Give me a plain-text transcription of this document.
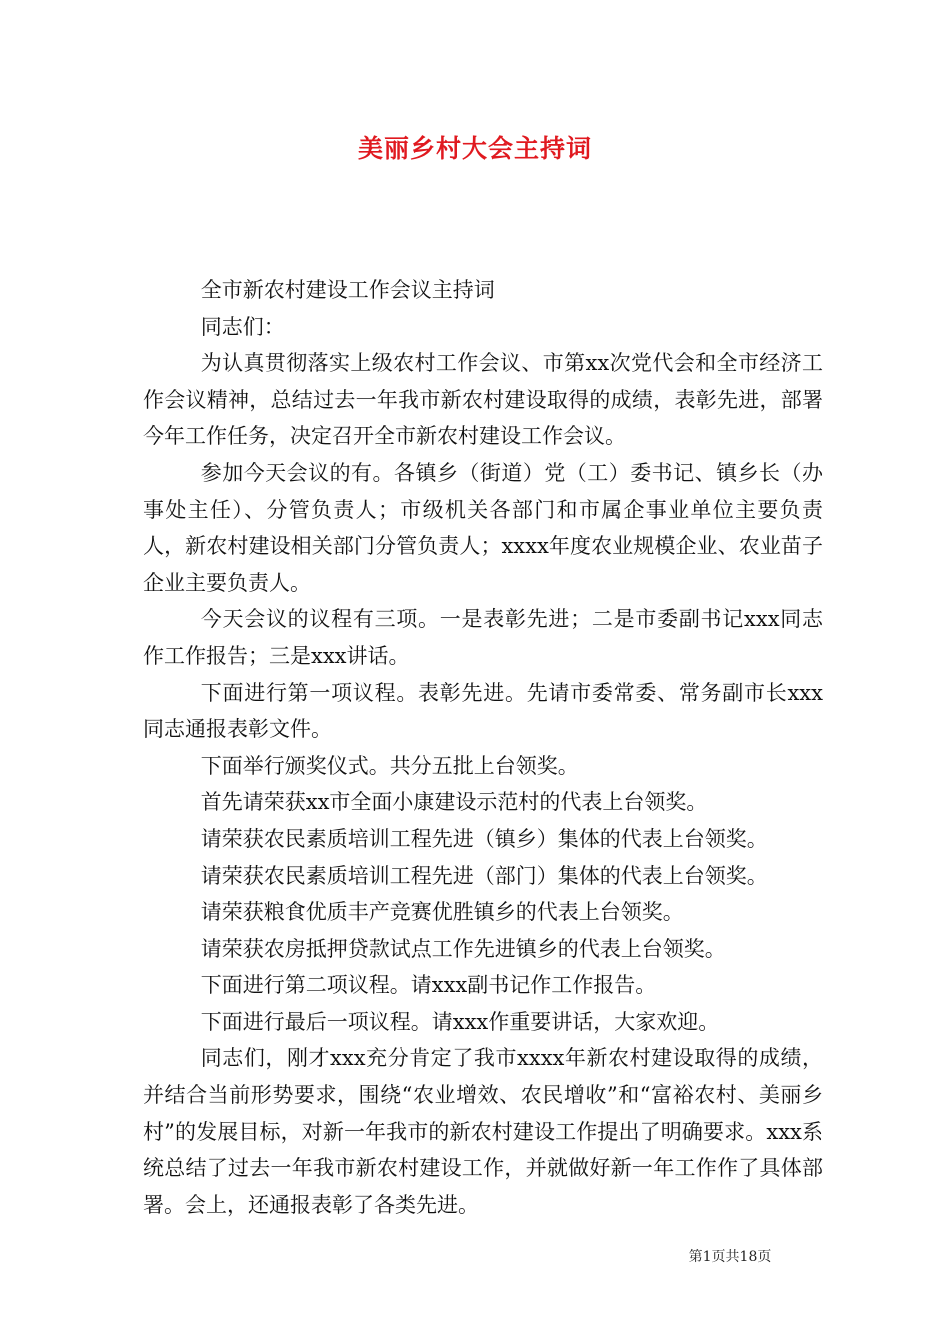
美丽乡村大会主持词

全市新农村建设工作会议主持词

同志们：

为认真贯彻落实上级农村工作会议、市第xx次党代会和全市经济工作会议精神，总结过去一年我市新农村建设取得的成绩，表彰先进，部署今年工作任务，决定召开全市新农村建设工作会议。

参加今天会议的有。各镇乡（街道）党（工）委书记、镇乡长（办事处主任）、分管负责人；市级机关各部门和市属企事业单位主要负责人，新农村建设相关部门分管负责人；xxxx年度农业规模企业、农业苗子企业主要负责人。

今天会议的议程有三项。一是表彰先进；二是市委副书记xxx同志作工作报告；三是xxx讲话。

下面进行第一项议程。表彰先进。先请市委常委、常务副市长xxx同志通报表彰文件。

下面举行颁奖仪式。共分五批上台领奖。

首先请荣获xx市全面小康建设示范村的代表上台领奖。

请荣获农民素质培训工程先进（镇乡）集体的代表上台领奖。

请荣获农民素质培训工程先进（部门）集体的代表上台领奖。

请荣获粮食优质丰产竞赛优胜镇乡的代表上台领奖。

请荣获农房抵押贷款试点工作先进镇乡的代表上台领奖。

下面进行第二项议程。请xxx副书记作工作报告。

下面进行最后一项议程。请xxx作重要讲话，大家欢迎。

同志们，刚才xxx充分肯定了我市xxxx年新农村建设取得的成绩，并结合当前形势要求，围绕“农业增效、农民增收”和“富裕农村、美丽乡村”的发展目标，对新一年我市的新农村建设工作提出了明确要求。xxx系统总结了过去一年我市新农村建设工作，并就做好新一年工作作了具体部署。会上，还通报表彰了各类先进。

第1页共18页
